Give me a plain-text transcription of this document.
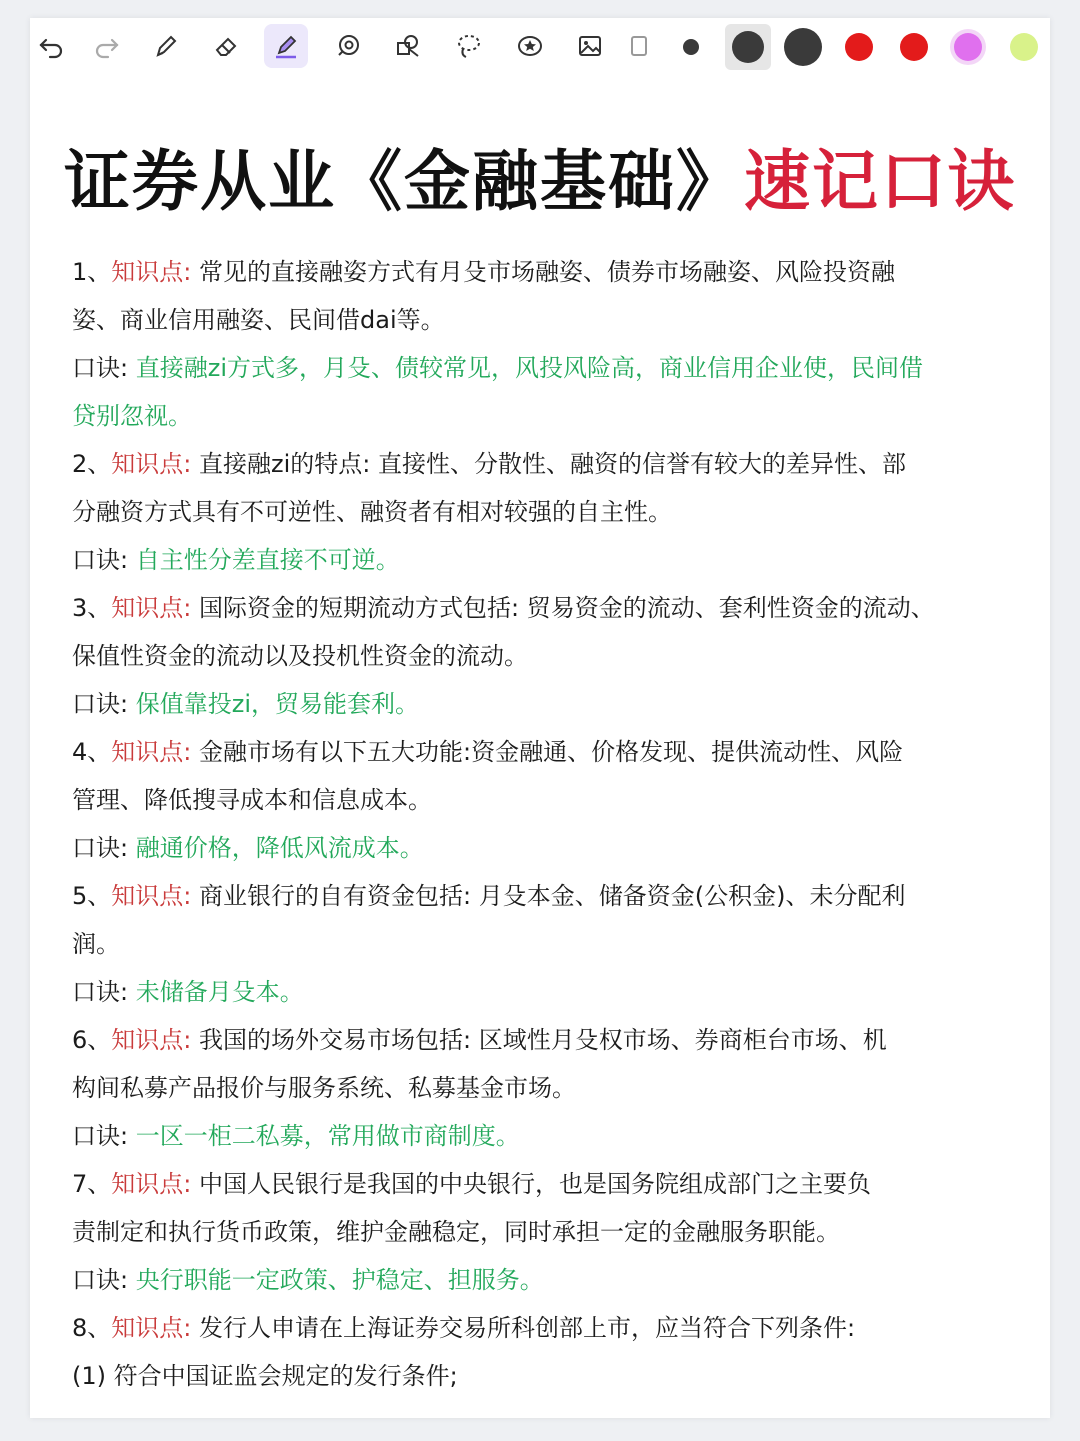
证券从业《金融基础》速记口诀
1、知识点: 常见的直接融姿方式有月殳市场融姿、债券市场融姿、风险投资融
姿、商业信用融姿、民间借dai等。
口诀: 直接融zi方式多，月殳、债较常见，风投风险高，商业信用企业使，民间借
贷别忽视。
2、知识点: 直接融zi的特点: 直接性、分散性、融资的信誉有较大的差异性、部
分融资方式具有不可逆性、融资者有相对较强的自主性。
口诀: 自主性分差直接不可逆。
3、知识点: 国际资金的短期流动方式包括: 贸易资金的流动、套利性资金的流动、
保值性资金的流动以及投机性资金的流动。
口诀: 保值靠投zi，贸易能套利。
4、知识点: 金融市场有以下五大功能:资金融通、价格发现、提供流动性、风险
管理、降低搜寻成本和信息成本。
口诀: 融通价格，降低风流成本。
5、知识点: 商业银行的自有资金包括: 月殳本金、储备资金(公积金)、未分配利
润。
口诀: 未储备月殳本。
6、知识点: 我国的场外交易市场包括: 区域性月殳权市场、券商柜台市场、机
构间私募产品报价与服务系统、私募基金市场。
口诀: 一区一柜二私募，常用做市商制度。
7、知识点: 中国人民银行是我国的中央银行，也是国务院组成部门之主要负
责制定和执行货币政策，维护金融稳定，同时承担一定的金融服务职能。
口诀: 央行职能一定政策、护稳定、担服务。
8、知识点: 发行人申请在上海证券交易所科创部上市，应当符合下列条件:
(1) 符合中国证监会规定的发行条件;
